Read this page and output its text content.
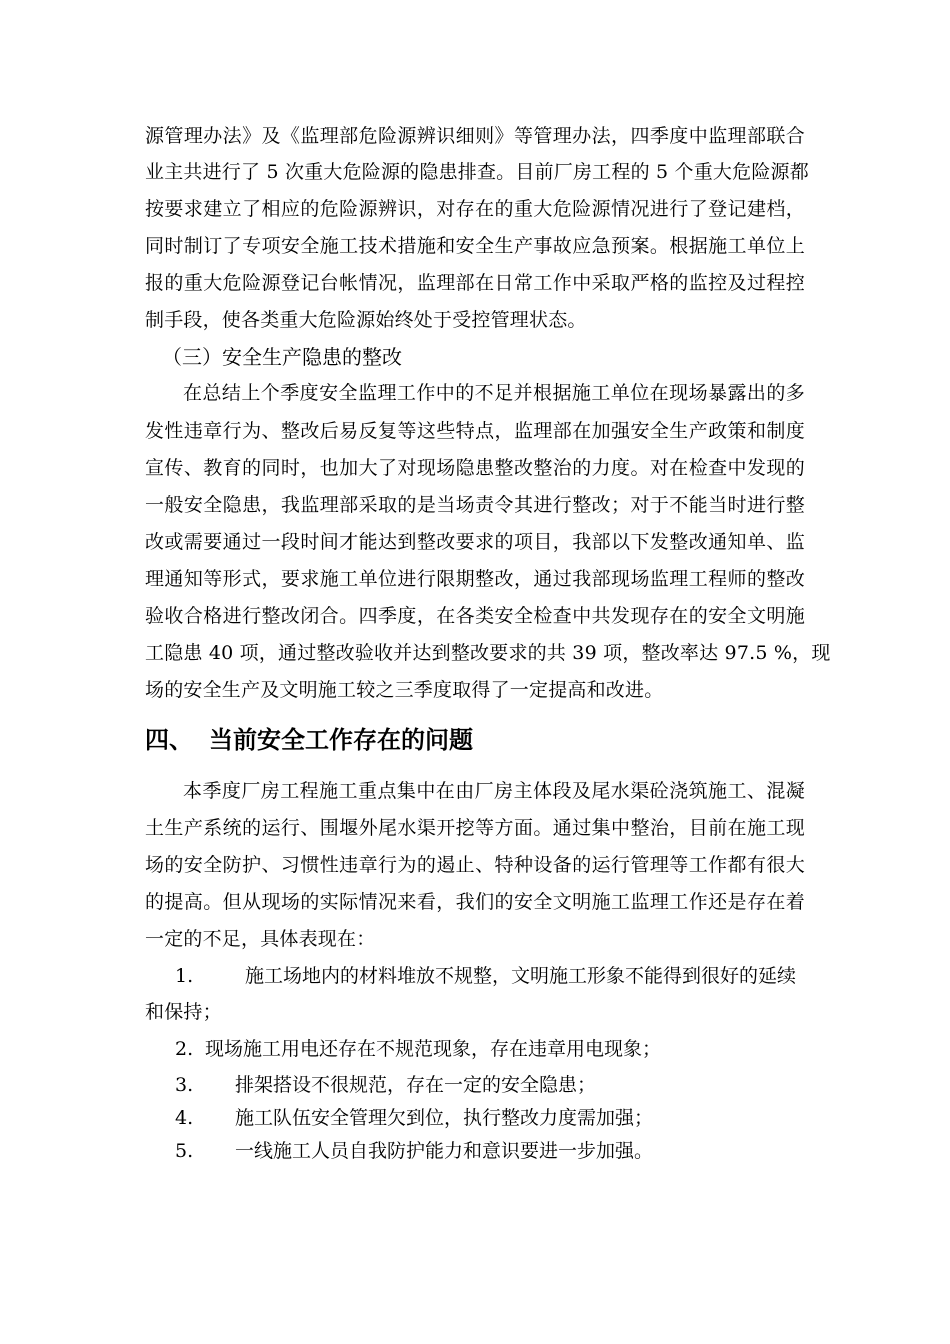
源管理办法》及《监理部危险源辨识细则》等管理办法，四季度中监理部联合
业主共进行了 5 次重大危险源的隐患排查。目前厂房工程的 5 个重大危险源都
按要求建立了相应的危险源辨识，对存在的重大危险源情况进行了登记建档，
同时制订了专项安全施工技术措施和安全生产事故应急预案。根据施工单位上
报的重大危险源登记台帐情况，监理部在日常工作中采取严格的监控及过程控
制手段，使各类重大危险源始终处于受控管理状态。
（三）安全生产隐患的整改
在总结上个季度安全监理工作中的不足并根据施工单位在现场暴露出的多
发性违章行为、整改后易反复等这些特点，监理部在加强安全生产政策和制度
宣传、教育的同时，也加大了对现场隐患整改整治的力度。对在检查中发现的
一般安全隐患，我监理部采取的是当场责令其进行整改；对于不能当时进行整
改或需要通过一段时间才能达到整改要求的项目，我部以下发整改通知单、监
理通知等形式，要求施工单位进行限期整改，通过我部现场监理工程师的整改
验收合格进行整改闭合。四季度，在各类安全检查中共发现存在的安全文明施
工隐患 40 项，通过整改验收并达到整改要求的共 39 项，整改率达 97.5 %，现
场的安全生产及文明施工较之三季度取得了一定提高和改进。
四、 当前安全工作存在的问题
本季度厂房工程施工重点集中在由厂房主体段及尾水渠砼浇筑施工、混凝
土生产系统的运行、围堰外尾水渠开挖等方面。通过集中整治，目前在施工现
场的安全防护、习惯性违章行为的遏止、特种设备的运行管理等工作都有很大
的提高。但从现场的实际情况来看，我们的安全文明施工监理工作还是存在着
一定的不足，具体表现在：
1.	施工场地内的材料堆放不规整，文明施工形象不能得到很好的延续
和保持；
2. 现场施工用电还存在不规范现象，存在违章用电现象；
3. 排架搭设不很规范，存在一定的安全隐患；
4. 施工队伍安全管理欠到位，执行整改力度需加强；
5. 一线施工人员自我防护能力和意识要进一步加强。
